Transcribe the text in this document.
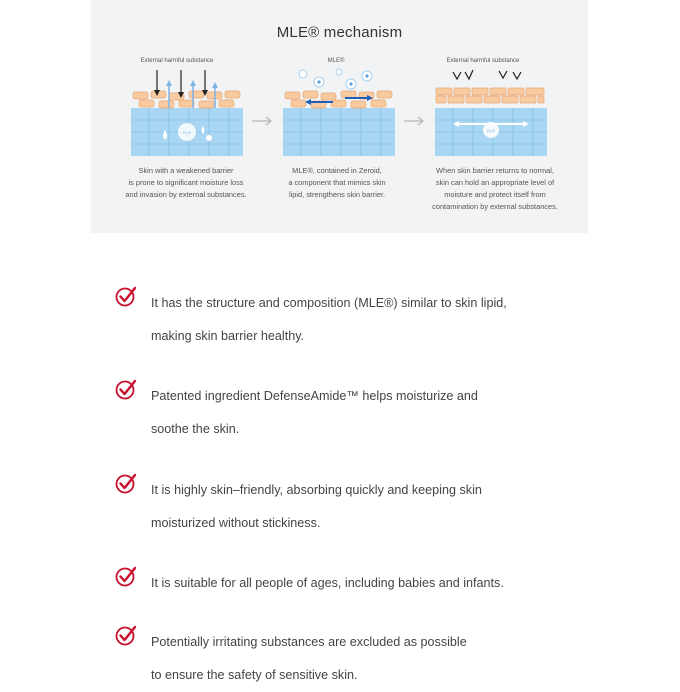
MLE® mechanism
External harmful substance
H₂O
MLE®	External harmful substance
H₂O
Skin with a weakened barrier
is prone to significant moisture loss
and invasion by external substances.
MLE®, contained in Zeroid,
a component that mimics skin
lipid, strengthens skin barrier.
When skin barrier returns to normal,
skin can hold an appropriate level of
moisture and protect itself from
contamination by external substances.
It has the structure and composition (MLE®) similar to skin lipid,
making skin barrier healthy.
Patented ingredient DefenseAmide™ helps moisturize and
soothe the skin.
It is highly skin–friendly, absorbing quickly and keeping skin
moisturized without stickiness.
It is suitable for all people of ages, including babies and infants.
Potentially irritating substances are excluded as possible
to ensure the safety of sensitive skin.
